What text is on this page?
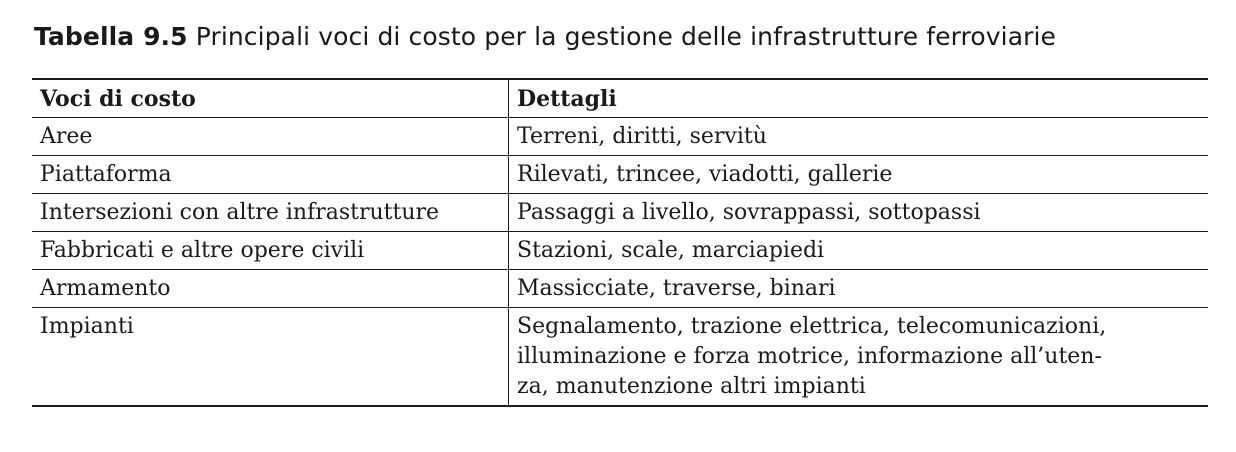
Tabella 9.5 Principali voci di costo per la gestione delle infrastrutture ferroviarie
Voci di costo	Dettagli
Aree	Terreni, diritti, servitù
Piattaforma	Rilevati, trincee, viadotti, gallerie
Intersezioni con altre infrastrutture	Passaggi a livello, sovrappassi, sottopassi
Fabbricati e altre opere civili	Stazioni, scale, marciapiedi
Armamento	Massicciate, traverse, binari
Impianti	Segnalamento, trazione elettrica, telecomunicazioni,
illuminazione e forza motrice, informazione all’uten-
za, manutenzione altri impianti
